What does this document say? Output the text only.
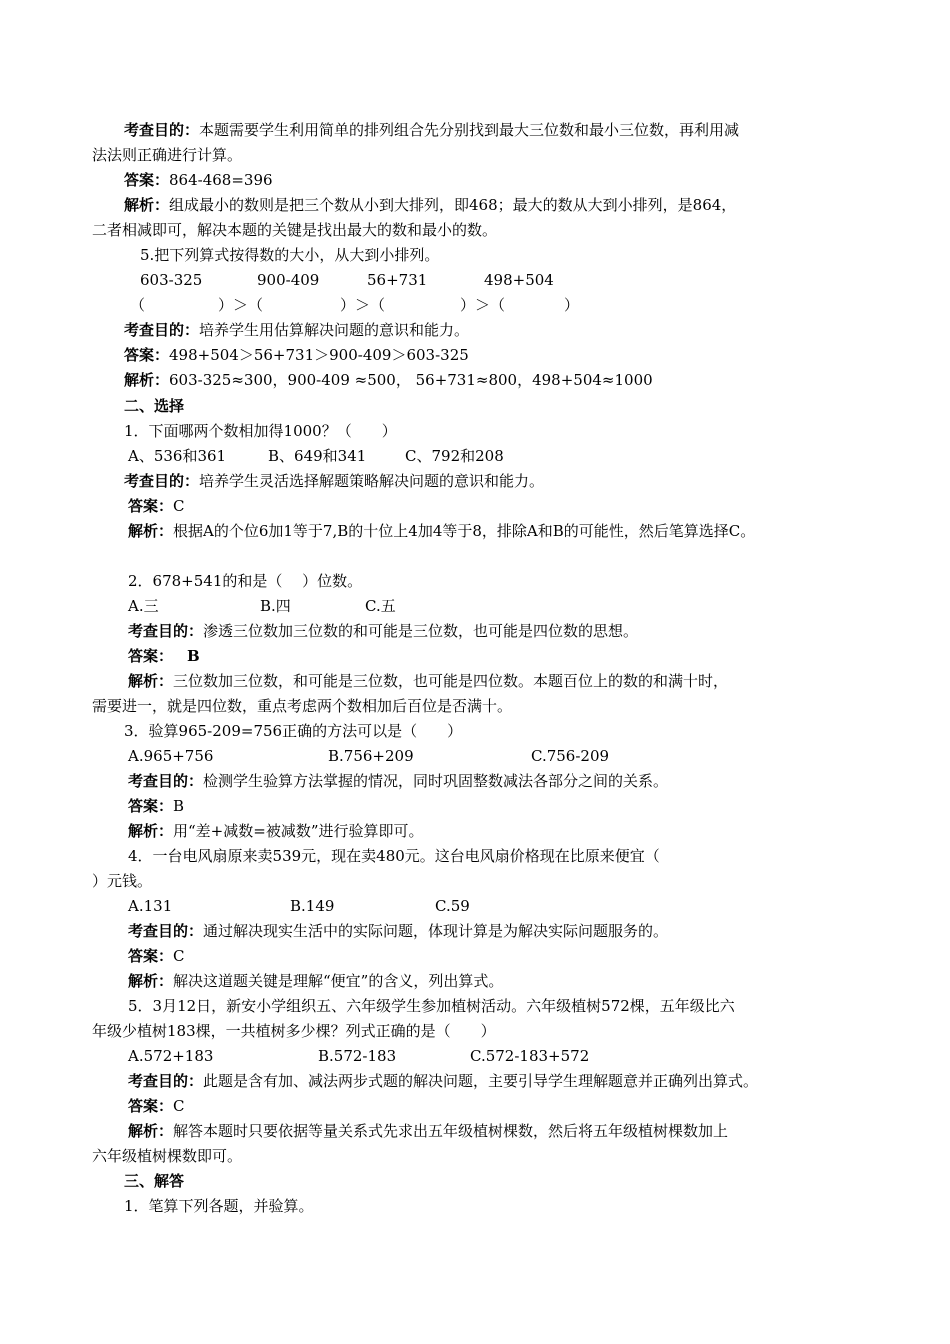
考查目的：本题需要学生利用简单的排列组合先分别找到最大三位数和最小三位数，再利用减
法法则正确进行计算。
答案：864-468=396
解析：组成最小的数则是把三个数从小到大排列，即468；最大的数从大到小排列，是864，
二者相减即可，解决本题的关键是找出最大的数和最小的数。
5.把下列算式按得数的大小，从大到小排列。
603-325	900-409	56+731	498+504
（	）＞（	）＞（	）＞（	）
考查目的：培养学生用估算解决问题的意识和能力。
答案：498+504＞56+731＞900-409＞603-325
解析：603-325≈300，900-409 ≈500， 56+731≈800，498+504≈1000
二、选择
1．下面哪两个数相加得1000？（　　）
A、536和361	B、649和341	C、792和208
考查目的：培养学生灵活选择解题策略解决问题的意识和能力。
答案：C
解析：根据A的个位6加1等于7,B的十位上4加4等于8，排除A和B的可能性，然后笔算选择C。
2．678+541的和是（　 ）位数。
A.三	B.四	C.五
考查目的：渗透三位数加三位数的和可能是三位数，也可能是四位数的思想。
答案： B
解析：三位数加三位数，和可能是三位数，也可能是四位数。本题百位上的数的和满十时，
需要进一，就是四位数，重点考虑两个数相加后百位是否满十。
3．验算965-209=756正确的方法可以是（　　）
A.965+756	B.756+209	C.756-209
考查目的：检测学生验算方法掌握的情况，同时巩固整数减法各部分之间的关系。
答案：B
解析：用“差+减数=被减数”进行验算即可。
4．一台电风扇原来卖539元，现在卖480元。这台电风扇价格现在比原来便宜（
）元钱。
A.131	B.149	C.59
考查目的：通过解决现实生活中的实际问题，体现计算是为解决实际问题服务的。
答案：C
解析：解决这道题关键是理解“便宜”的含义，列出算式。
5．3月12日，新安小学组织五、六年级学生参加植树活动。六年级植树572棵，五年级比六
年级少植树183棵，一共植树多少棵？列式正确的是（　　）
A.572+183	B.572-183	C.572-183+572
考查目的：此题是含有加、减法两步式题的解决问题，主要引导学生理解题意并正确列出算式。
答案：C
解析：解答本题时只要依据等量关系式先求出五年级植树棵数，然后将五年级植树棵数加上
六年级植树棵数即可。
三、解答
1．笔算下列各题，并验算。
